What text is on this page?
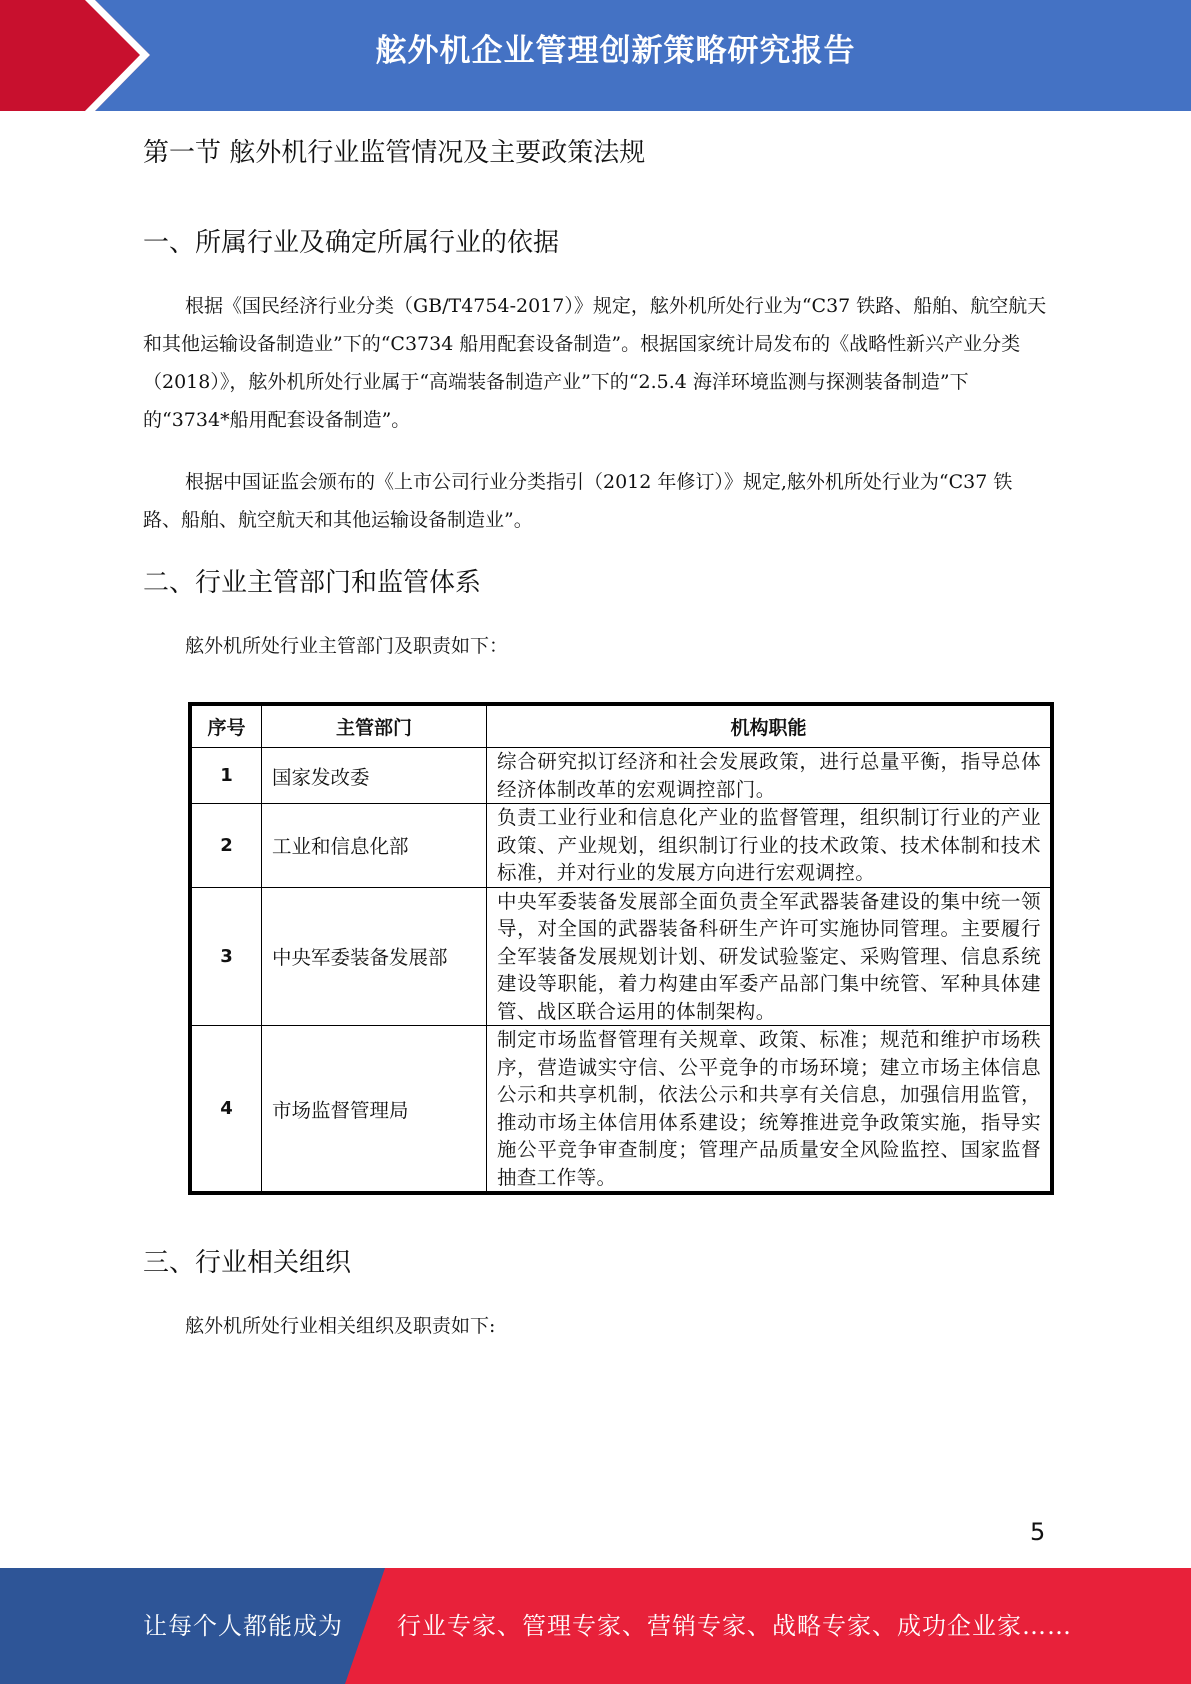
舷外机企业管理创新策略研究报告
第一节 舷外机行业监管情况及主要政策法规
一、所属行业及确定所属行业的依据

根据《国民经济行业分类（GB/T4754-2017）》规定，舷外机所处行业为“C37 铁路、船舶、航空航天和其他运输设备制造业”下的“C3734 船用配套设备制造”。根据国家统计局发布的《战略性新兴产业分类（2018）》，舷外机所处行业属于“高端装备制造产业”下的“2.5.4 海洋环境监测与探测装备制造”下的“3734*船用配套设备制造”。

根据中国证监会颁布的《上市公司行业分类指引（2012 年修订）》规定,舷外机所处行业为“C37 铁路、船舶、航空航天和其他运输设备制造业”。

二、行业主管部门和监管体系

舷外机所处行业主管部门及职责如下：

序号	主管部门	机构职能
1	国家发改委	综合研究拟订经济和社会发展政策，进行总量平衡，指导总体经济体制改革的宏观调控部门。
2	工业和信息化部	负责工业行业和信息化产业的监督管理，组织制订行业的产业政策、产业规划，组织制订行业的技术政策、技术体制和技术标准，并对行业的发展方向进行宏观调控。
3	中央军委装备发展部	中央军委装备发展部全面负责全军武器装备建设的集中统一领导，对全国的武器装备科研生产许可实施协同管理。主要履行全军装备发展规划计划、研发试验鉴定、采购管理、信息系统建设等职能，着力构建由军委产品部门集中统管、军种具体建管、战区联合运用的体制架构。
4	市场监督管理局	制定市场监督管理有关规章、政策、标准；规范和维护市场秩序，营造诚实守信、公平竞争的市场环境；建立市场主体信息公示和共享机制，依法公示和共享有关信息，加强信用监管，推动市场主体信用体系建设；统筹推进竞争政策实施，指导实施公平竞争审查制度；管理产品质量安全风险监控、国家监督抽查工作等。
三、行业相关组织

舷外机所处行业相关组织及职责如下:

5
让每个人都能成为 行业专家、管理专家、营销专家、战略专家、成功企业家……
